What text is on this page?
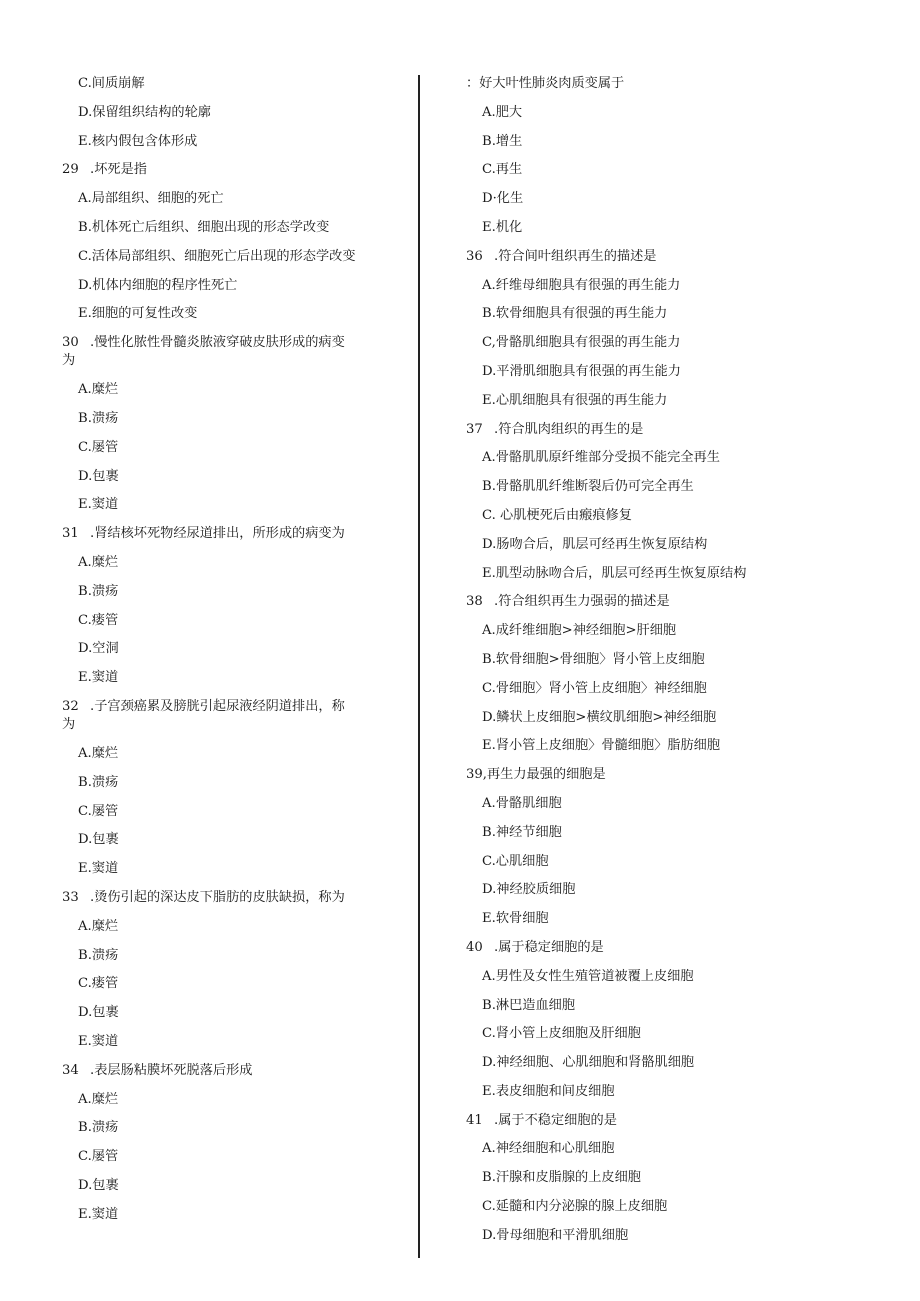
C.间质崩解
D.保留组织结构的轮廓
E.核内假包含体形成
29 .坏死是指
A.局部组织、细胞的死亡
B.机体死亡后组织、细胞出现的形态学改变
C.活体局部组织、细胞死亡后出现的形态学改变
D.机体内细胞的程序性死亡
E.细胞的可复性改变
30 .慢性化脓性骨髓炎脓液穿破皮肤形成的病变
为
A.糜烂
B.溃疡
C.屡管
D.包裹
E.窦道
31 .肾结核坏死物经尿道排出，所形成的病变为
A.糜烂
B.溃疡
C.瘘管
D.空洞
E.窦道
32 .子宫颈癌累及膀胱引起尿液经阴道排出，称
为
A.糜烂
B.溃疡
C.屡管
D.包裹
E.窦道
33 .烫伤引起的深达皮下脂肪的皮肤缺损，称为
A.糜烂
B.溃疡
C.瘘管
D.包裹
E.窦道
34 .表层肠粘膜坏死脱落后形成
A.糜烂
B.溃疡
C.屡管
D.包裹
E.窦道
：好大叶性肺炎肉质变属于
A.肥大
B.增生
C.再生
D·化生
E.机化
36 .符合间叶组织再生的描述是
A.纤维母细胞具有很强的再生能力
B.软骨细胞具有很强的再生能力
C,骨骼肌细胞具有很强的再生能力
D.平滑肌细胞具有很强的再生能力
E.心肌细胞具有很强的再生能力
37 .符合肌肉组织的再生的是
A.骨骼肌肌原纤维部分受损不能完全再生
B.骨骼肌肌纤维断裂后仍可完全再生
C. 心肌梗死后由瘢痕修复
D.肠吻合后，肌层可经再生恢复原结构
E.肌型动脉吻合后，肌层可经再生恢复原结构
38 .符合组织再生力强弱的描述是
A.成纤维细胞>神经细胞>肝细胞
B.软骨细胞>骨细胞〉肾小管上皮细胞
C.骨细胞〉肾小管上皮细胞〉神经细胞
D.鳞状上皮细胞>横纹肌细胞>神经细胞
E.肾小管上皮细胞〉骨髓细胞〉脂肪细胞
39,再生力最强的细胞是
A.骨骼肌细胞
B.神经节细胞
C.心肌细胞
D.神经胶质细胞
E.软骨细胞
40 .属于稳定细胞的是
A.男性及女性生殖管道被覆上皮细胞
B.淋巴造血细胞
C.肾小管上皮细胞及肝细胞
D.神经细胞、心肌细胞和肾骼肌细胞
E.表皮细胞和间皮细胞
41 .属于不稳定细胞的是
A.神经细胞和心肌细胞
B.汗腺和皮脂腺的上皮细胞
C.延髓和内分泌腺的腺上皮细胞
D.骨母细胞和平滑肌细胞
